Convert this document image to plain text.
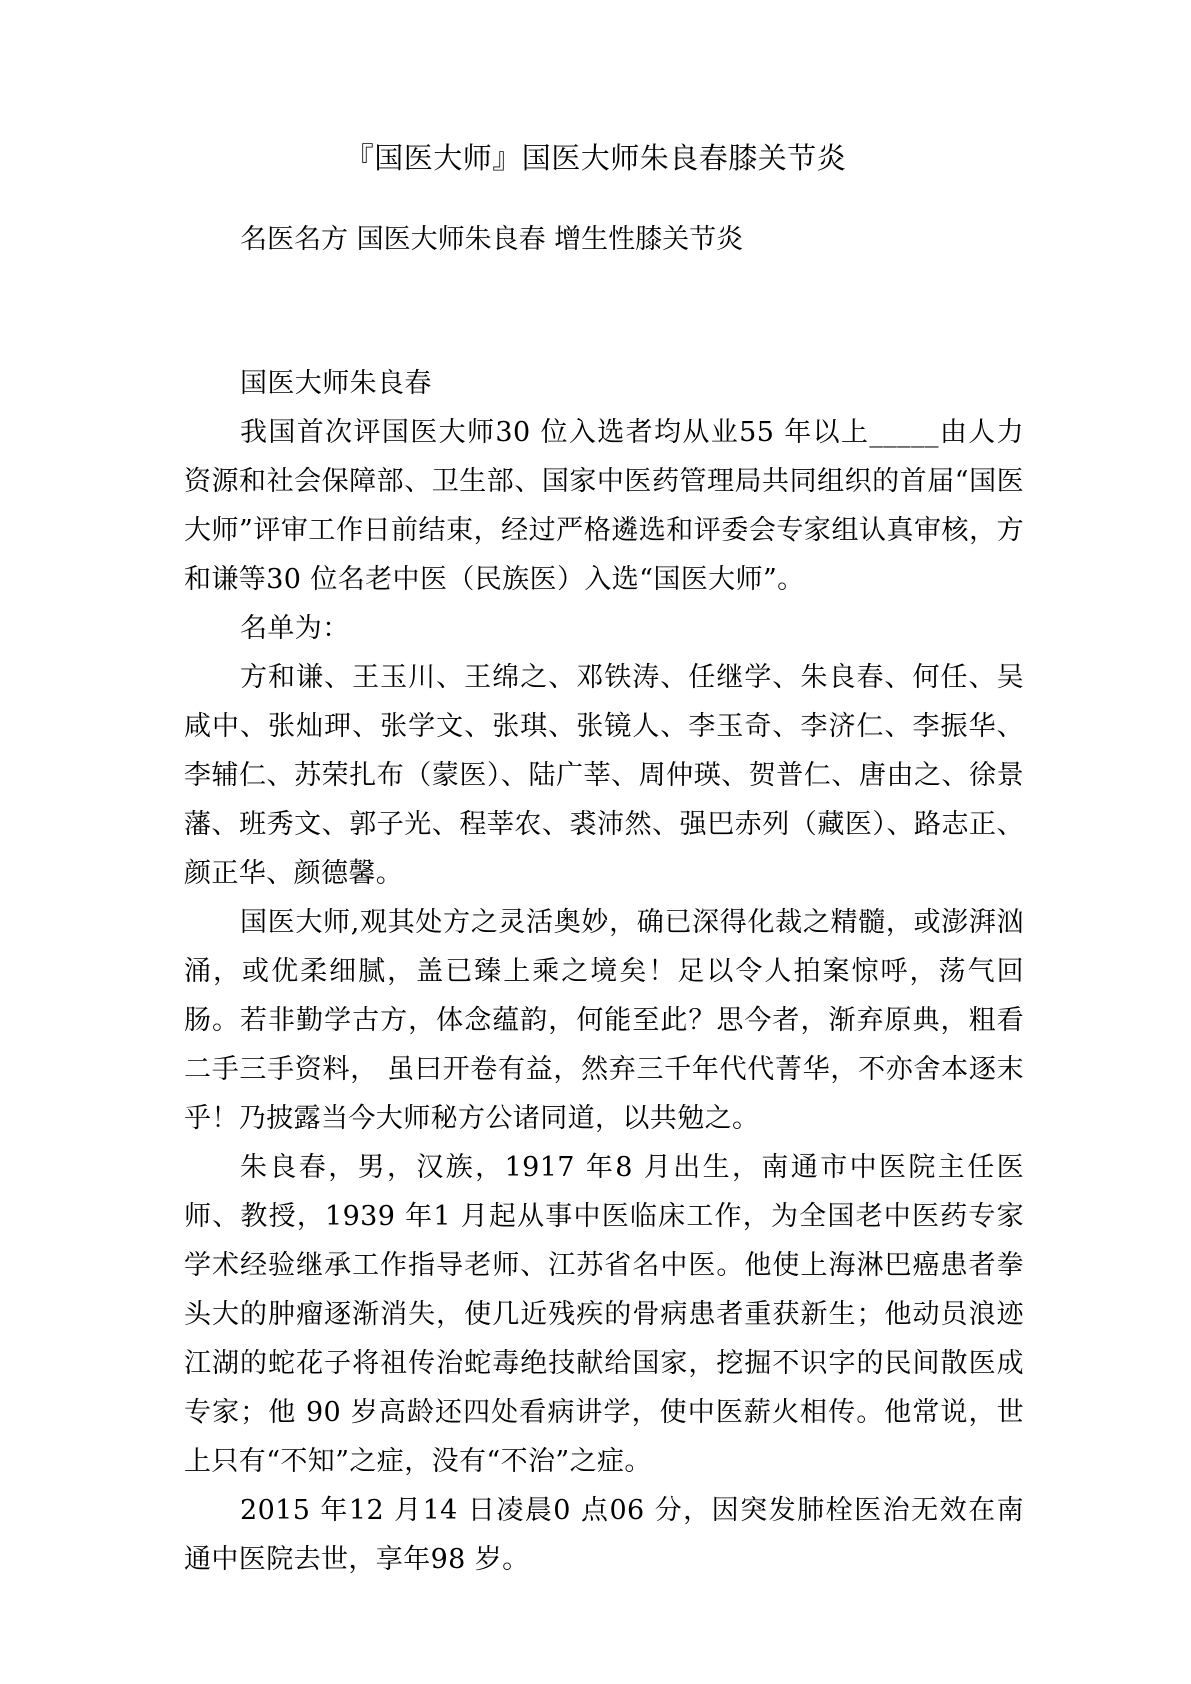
『国医大师』国医大师朱良春膝关节炎

名医名方 国医大师朱良春 增生性膝关节炎

国医大师朱良春

我国首次评国医大师30 位入选者均从业55 年以上_____由人力资源和社会保障部、卫生部、国家中医药管理局共同组织的首届“国医大师”评审工作日前结束，经过严格遴选和评委会专家组认真审核，方和谦等30 位名老中医（民族医）入选“国医大师”。

名单为：

方和谦、王玉川、王绵之、邓铁涛、任继学、朱良春、何任、吴咸中、张灿玾、张学文、张琪、张镜人、李玉奇、李济仁、李振华、李辅仁、苏荣扎布（蒙医）、陆广莘、周仲瑛、贺普仁、唐由之、徐景藩、班秀文、郭子光、程莘农、裘沛然、强巴赤列（藏医）、路志正、颜正华、颜德馨。

国医大师,观其处方之灵活奥妙，确已深得化裁之精髓，或澎湃汹涌，或优柔细腻，盖已臻上乘之境矣！足以令人拍案惊呼，荡气回肠。若非勤学古方，体念蕴韵，何能至此？思今者，渐弃原典，粗看二手三手资料， 虽曰开卷有益，然弃三千年代代菁华，不亦舍本逐末乎！乃披露当今大师秘方公诸同道，以共勉之。

朱良春，男，汉族，1917 年8 月出生，南通市中医院主任医师、教授，1939 年1 月起从事中医临床工作，为全国老中医药专家学术经验继承工作指导老师、江苏省名中医。他使上海淋巴癌患者拳头大的肿瘤逐渐消失，使几近残疾的骨病患者重获新生；他动员浪迹江湖的蛇花子将祖传治蛇毒绝技献给国家，挖掘不识字的民间散医成专家；他 90 岁高龄还四处看病讲学，使中医薪火相传。他常说，世上只有“不知”之症，没有“不治”之症。

2015 年12 月14 日凌晨0 点06 分，因突发肺栓医治无效在南通中医院去世，享年98 岁。
